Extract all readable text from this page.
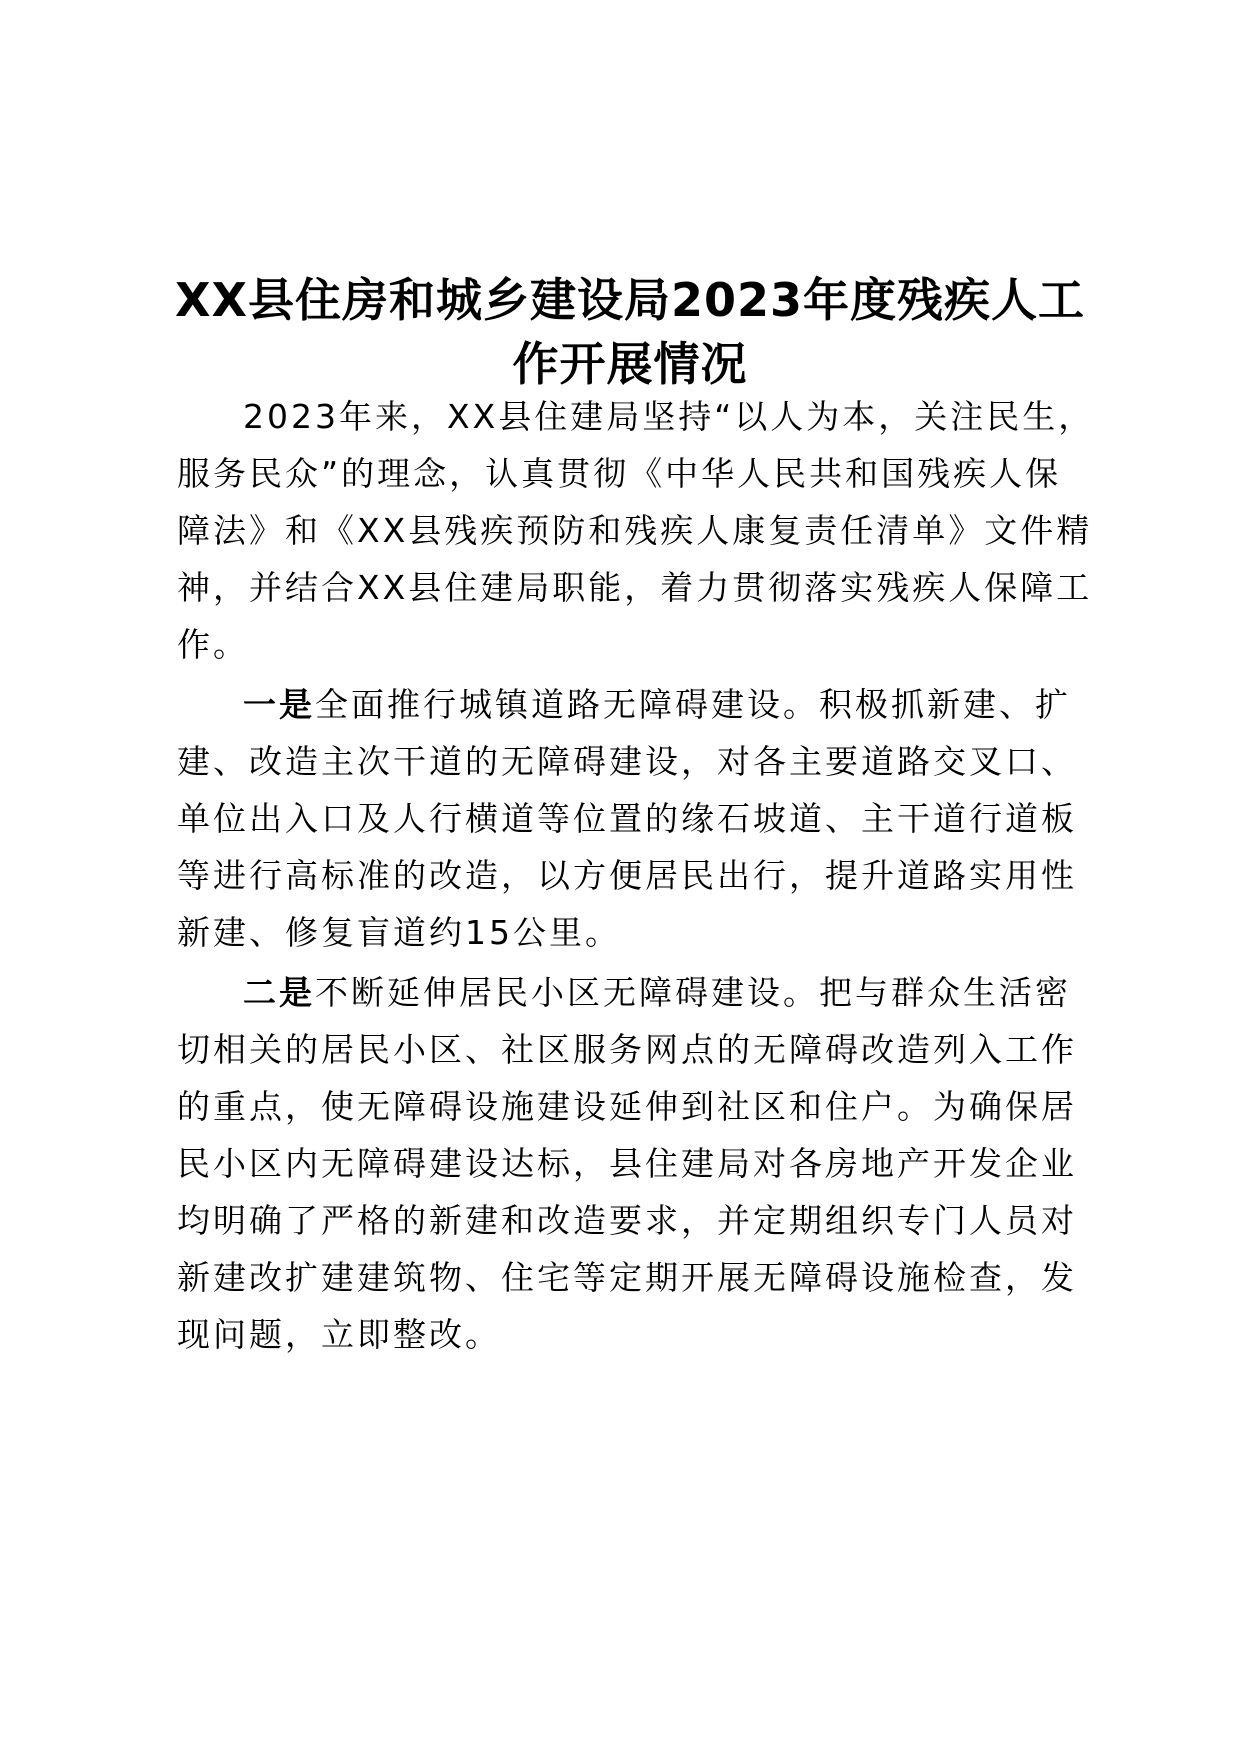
XX县住房和城乡建设局2023年度残疾人工
作开展情况

2023年来，XX县住建局坚持“以人为本，关注民生，

服务民众”的理念，认真贯彻《中华人民共和国残疾人保

障法》和《XX县残疾预防和残疾人康复责任清单》文件精

神，并结合XX县住建局职能，着力贯彻落实残疾人保障工

作。

一是全面推行城镇道路无障碍建设。积极抓新建、扩

建、改造主次干道的无障碍建设，对各主要道路交叉口、

单位出入口及人行横道等位置的缘石坡道、主干道行道板

等进行高标准的改造，以方便居民出行，提升道路实用性

新建、修复盲道约15公里。

二是不断延伸居民小区无障碍建设。把与群众生活密

切相关的居民小区、社区服务网点的无障碍改造列入工作

的重点，使无障碍设施建设延伸到社区和住户。为确保居

民小区内无障碍建设达标，县住建局对各房地产开发企业

均明确了严格的新建和改造要求，并定期组织专门人员对

新建改扩建建筑物、住宅等定期开展无障碍设施检查，发

现问题，立即整改。
